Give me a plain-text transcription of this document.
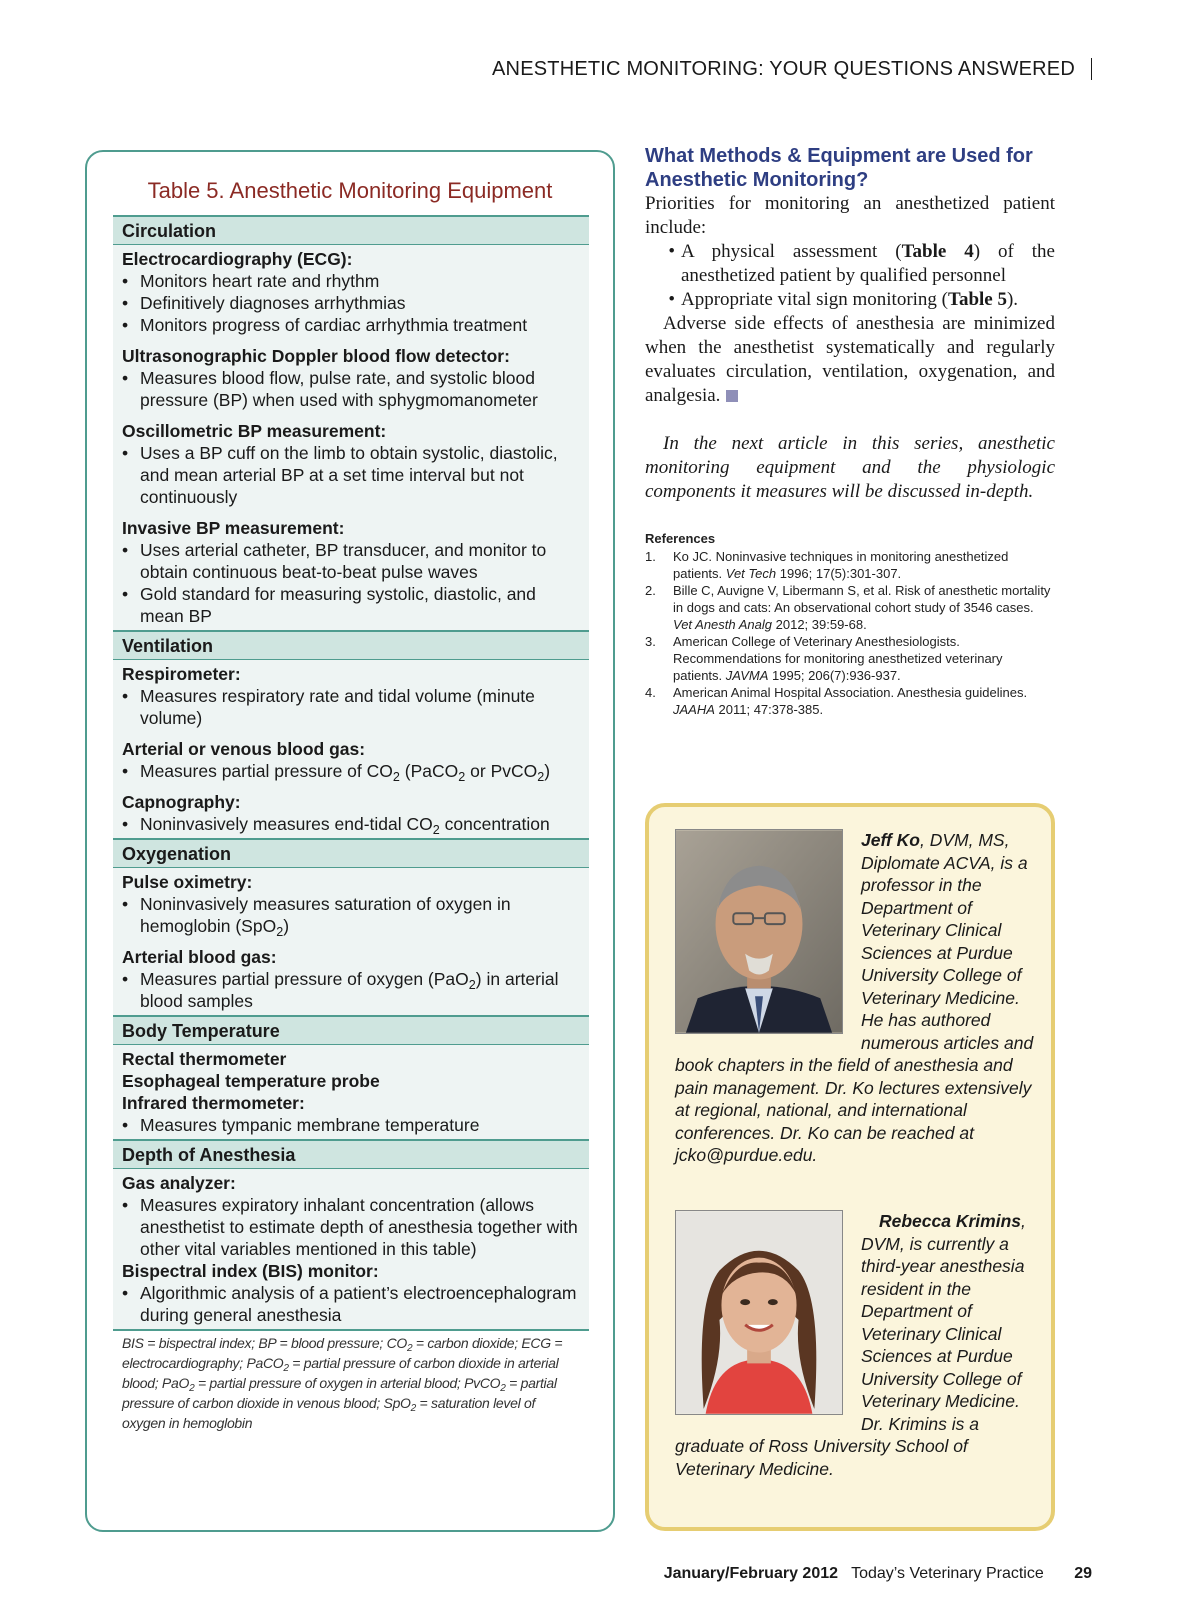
ANESTHETIC MONITORING: YOUR QUESTIONS ANSWERED
Table 5. Anesthetic Monitoring Equipment
Circulation
Electrocardiography (ECG):
• Monitors heart rate and rhythm
• Definitively diagnoses arrhythmias
• Monitors progress of cardiac arrhythmia treatment
Ultrasonographic Doppler blood flow detector:
• Measures blood flow, pulse rate, and systolic blood pressure (BP) when used with sphygmomanometer
Oscillometric BP measurement:
• Uses a BP cuff on the limb to obtain systolic, diastolic, and mean arterial BP at a set time interval but not continuously
Invasive BP measurement:
• Uses arterial catheter, BP transducer, and monitor to obtain continuous beat-to-beat pulse waves
• Gold standard for measuring systolic, diastolic, and mean BP
Ventilation
Respirometer:
• Measures respiratory rate and tidal volume (minute volume)
Arterial or venous blood gas:
• Measures partial pressure of $CO_2$ (PaCO$_2$ or PvCO$_2$)
Capnography:
• Noninvasively measures end-tidal $CO_2$ concentration
Oxygenation
Pulse oximetry:
• Noninvasively measures saturation of oxygen in hemoglobin (SpO$_2$)
Arterial blood gas:
• Measures partial pressure of oxygen (PaO$_2$) in arterial blood samples
Body Temperature
Rectal thermometer
Esophageal temperature probe
Infrared thermometer:
• Measures tympanic membrane temperature
Depth of Anesthesia
Gas analyzer:
• Measures expiratory inhalant concentration (allows anesthetist to estimate depth of anesthesia together with other vital variables mentioned in this table)
Bispectral index (BIS) monitor:
• Algorithmic analysis of a patient’s electroencephalogram during general anesthesia
BIS = bispectral index; BP = blood pressure; $CO_2$ = carbon dioxide; ECG = electrocardiography; PaCO$_2$ = partial pressure of carbon dioxide in arterial blood; PaO$_2$ = partial pressure of oxygen in arterial blood; PvCO$_2$ = partial pressure of carbon dioxide in venous blood; SpO$_2$ = saturation level of oxygen in hemoglobin
What Methods & Equipment are Used for Anesthetic Monitoring?
Priorities for monitoring an anesthetized patient include:
• A physical assessment (Table 4) of the anesthetized patient by qualified personnel
• Appropriate vital sign monitoring (Table 5).
Adverse side effects of anesthesia are minimized when the anesthetist systematically and regularly evaluates circulation, ventilation, oxygenation, and analgesia.
In the next article in this series, anesthetic monitoring equipment and the physiologic components it measures will be discussed in-depth.
References
1.	Ko JC. Noninvasive techniques in monitoring anesthetized patients. Vet Tech 1996; 17(5):301-307.
2.	Bille C, Auvigne V, Libermann S, et al. Risk of anesthetic mortality in dogs and cats: An observational cohort study of 3546 cases. Vet Anesth Analg 2012; 39:59-68.
3.	American College of Veterinary Anesthesiologists. Recommendations for monitoring anesthetized veterinary patients. JAVMA 1995; 206(7):936-937.
4.	American Animal Hospital Association. Anesthesia guidelines. JAAHA 2011; 47:378-385.
Jeff Ko, DVM, MS, Diplomate ACVA, is a professor in the Department of Veterinary Clinical Sciences at Purdue University College of Veterinary Medicine. He has authored numerous articles and book chapters in the field of anesthesia and pain management. Dr. Ko lectures extensively at regional, national, and international conferences. Dr. Ko can be reached at jcko@purdue.edu.
Rebecca Krimins, DVM, is currently a third-year anesthesia resident in the Department of Veterinary Clinical Sciences at Purdue University College of Veterinary Medicine. Dr. Krimins is a graduate of Ross University School of Veterinary Medicine.
January/February 2012 Today’s Veterinary Practice 29
